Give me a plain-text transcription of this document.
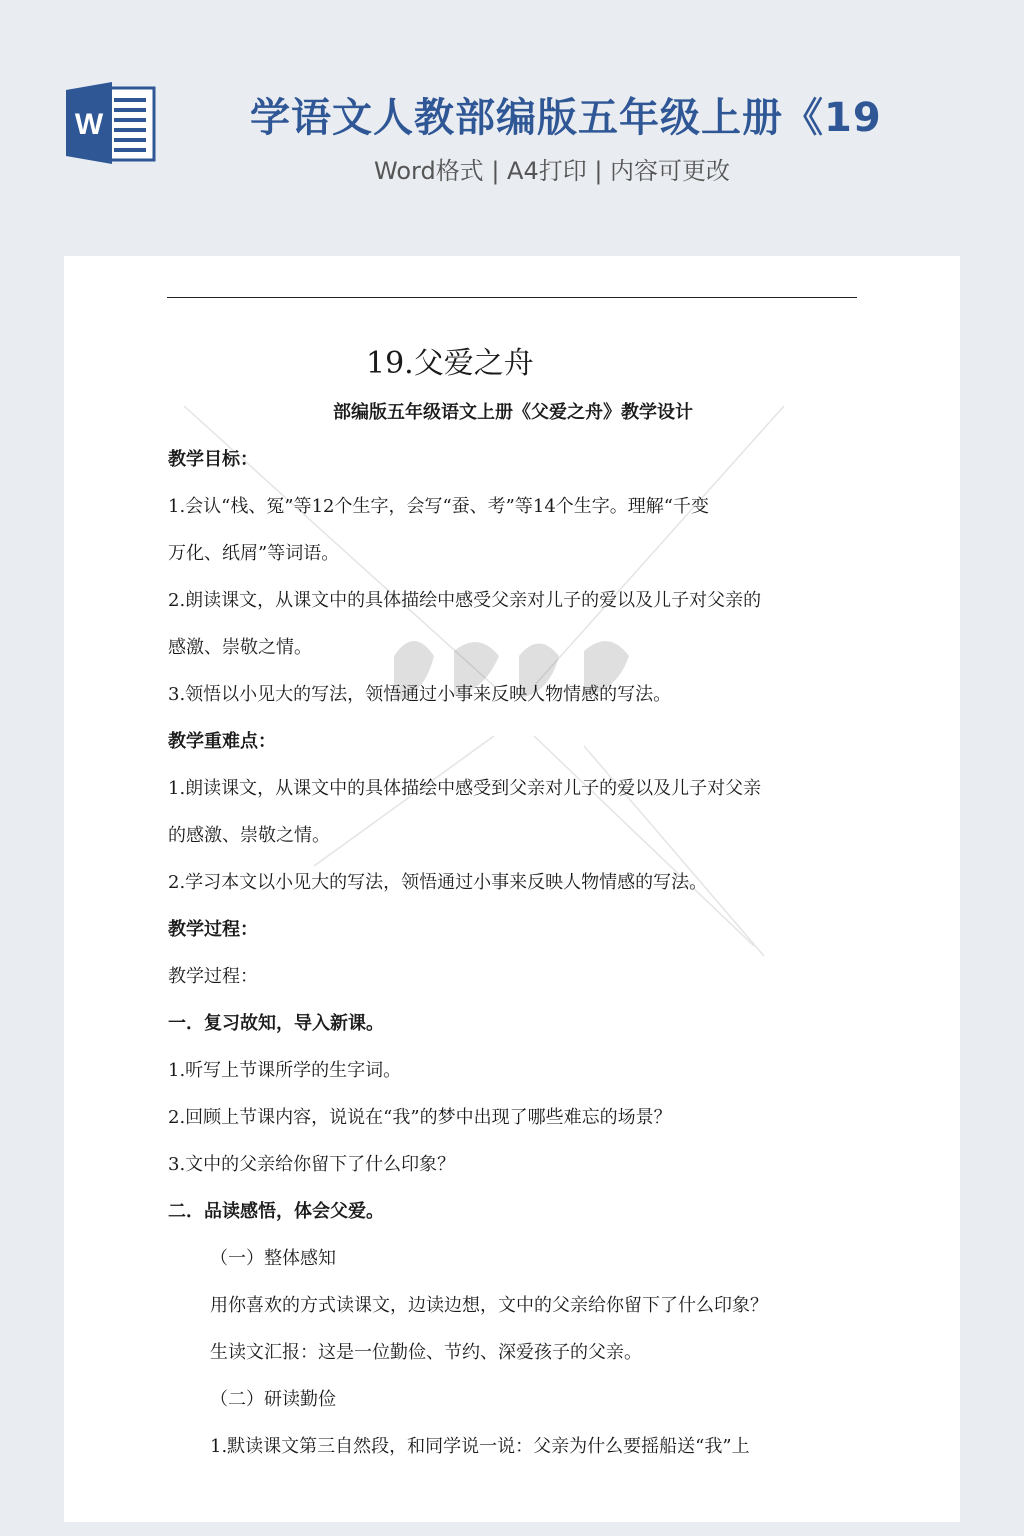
W	学语文人教部编版五年级上册《19
Word格式 | A4打印 | 内容可更改
19.父爱之舟
部编版五年级语文上册《父爱之舟》教学设计
教学目标：
1.会认“栈、冤”等12个生字，会写“蚕、考”等14个生字。理解“千变
万化、纸屑”等词语。
2.朗读课文，从课文中的具体描绘中感受父亲对儿子的爱以及儿子对父亲的
感激、崇敬之情。
3.领悟以小见大的写法，领悟通过小事来反映人物情感的写法。
教学重难点：
1.朗读课文，从课文中的具体描绘中感受到父亲对儿子的爱以及儿子对父亲
的感激、崇敬之情。
2.学习本文以小见大的写法，领悟通过小事来反映人物情感的写法。
教学过程：
教学过程：
一．复习故知，导入新课。
1.听写上节课所学的生字词。
2.回顾上节课内容，说说在“我”的梦中出现了哪些难忘的场景？
3.文中的父亲给你留下了什么印象？
二．品读感悟，体会父爱。
（一）整体感知
用你喜欢的方式读课文，边读边想，文中的父亲给你留下了什么印象？
生读文汇报：这是一位勤俭、节约、深爱孩子的父亲。
（二）研读勤俭
1.默读课文第三自然段，和同学说一说：父亲为什么要摇船送“我”上
